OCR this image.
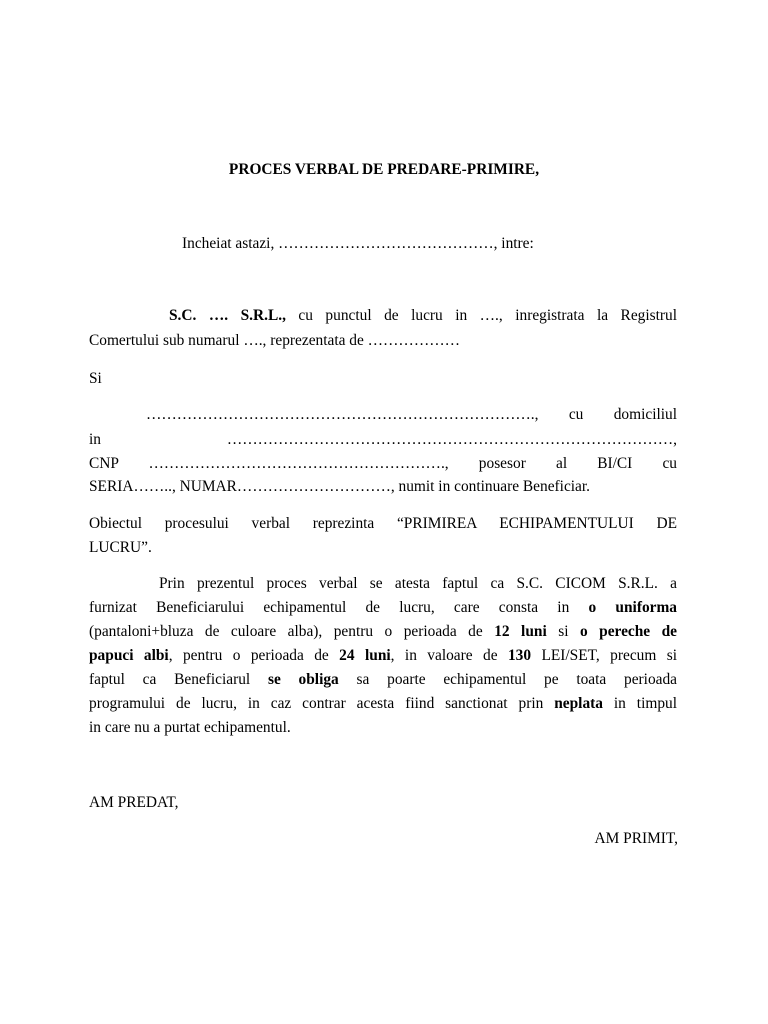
PROCES VERBAL DE PREDARE-PRIMIRE,
Incheiat astazi, ……………………………………, intre:
S.C. …. S.R.L., cu punctul de lucru in …., inregistrata la Registrul
Comertului sub numarul …., reprezentata de ………………
Si
…………………………………………………………………., cu domiciliul
in ……………………………………………………………………………,
CNP …………………………………………………., posesor al BI/CI cu
SERIA…….., NUMAR…………………………, numit in continuare Beneficiar.
Obiectul procesului verbal reprezinta “PRIMIREA ECHIPAMENTULUI DE
LUCRU”.
Prin prezentul proces verbal se atesta faptul ca S.C. CICOM S.R.L. a
furnizat Beneficiarului echipamentul de lucru, care consta in o uniforma
(pantaloni+bluza de culoare alba), pentru o perioada de 12 luni si o pereche de
papuci albi, pentru o perioada de 24 luni, in valoare de 130 LEI/SET, precum si
faptul ca Beneficiarul se obliga sa poarte echipamentul pe toata perioada
programului de lucru, in caz contrar acesta fiind sanctionat prin neplata in timpul
in care nu a purtat echipamentul.
AM PREDAT,
AM PRIMIT,
